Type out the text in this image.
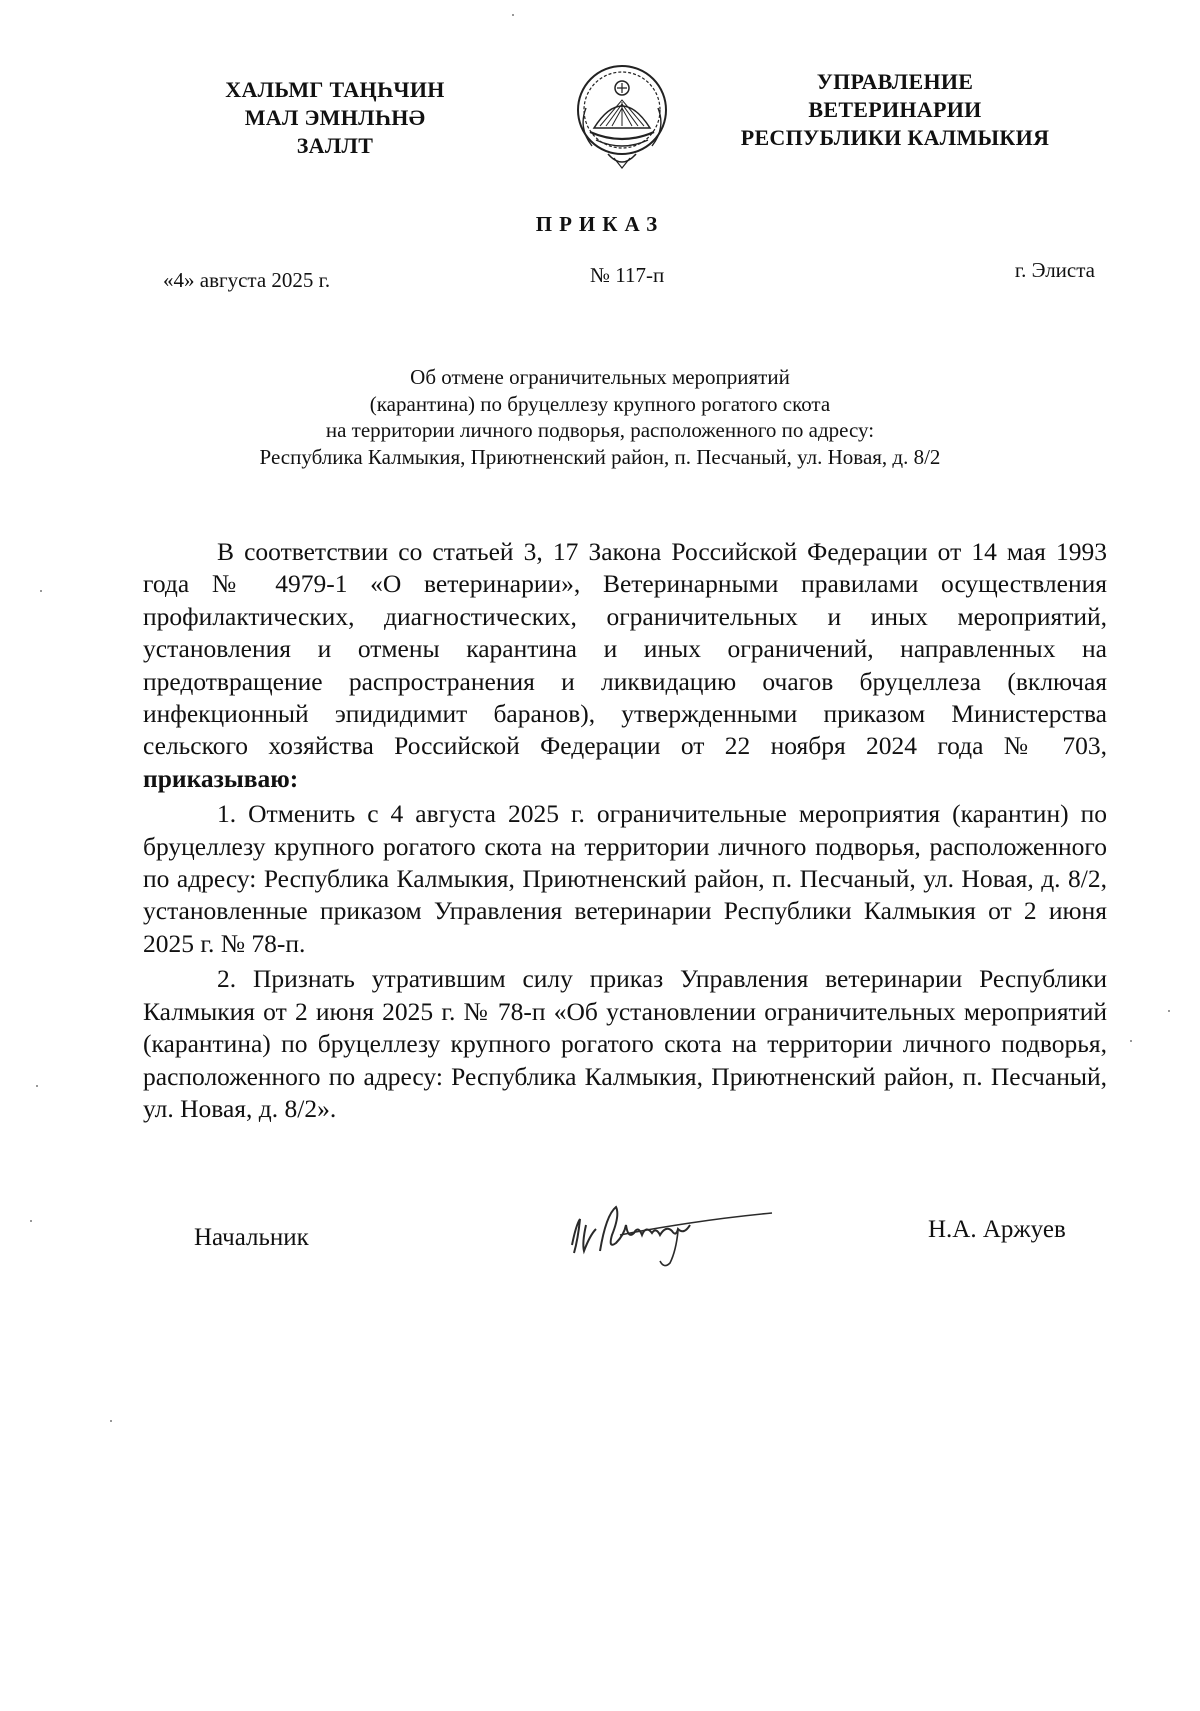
ХАЛЬМГ ТАҢҺЧИН
МАЛ ЭМНЛҺНӘ
ЗАЛЛТ
УПРАВЛЕНИЕ
ВЕТЕРИНАРИИ
РЕСПУБЛИКИ КАЛМЫКИЯ
ПРИКАЗ
«4» августа 2025 г.	№ 117-п	г. Элиста
Об отмене ограничительных мероприятий
(карантина) по бруцеллезу крупного рогатого скота
на территории личного подворья, расположенного по адресу:
Республика Калмыкия, Приютненский район, п. Песчаный, ул. Новая, д. 8/2

В соответствии со статьей 3, 17 Закона Российской Федерации от 14 мая 1993 года № 4979-1 «О ветеринарии», Ветеринарными правилами осуществления профилактических, диагностических, ограничительных и иных мероприятий, установления и отмены карантина и иных ограничений, направленных на предотвращение распространения и ликвидацию очагов бруцеллеза (включая инфекционный эпидидимит баранов), утвержденными приказом Министерства сельского хозяйства Российской Федерации от 22 ноября 2024 года № 703, приказываю:

1. Отменить с 4 августа 2025 г. ограничительные мероприятия (карантин) по бруцеллезу крупного рогатого скота на территории личного подворья, расположенного по адресу: Республика Калмыкия, Приютненский район, п. Песчаный, ул. Новая, д. 8/2, установленные приказом Управления ветеринарии Республики Калмыкия от 2 июня 2025 г. № 78-п.

2. Признать утратившим силу приказ Управления ветеринарии Республики Калмыкия от 2 июня 2025 г. № 78-п «Об установлении ограничительных мероприятий (карантина) по бруцеллезу крупного рогатого скота на территории личного подворья, расположенного по адресу: Республика Калмыкия, Приютненский район, п. Песчаный, ул. Новая, д. 8/2».

Начальник	Н.А. Аржуев
